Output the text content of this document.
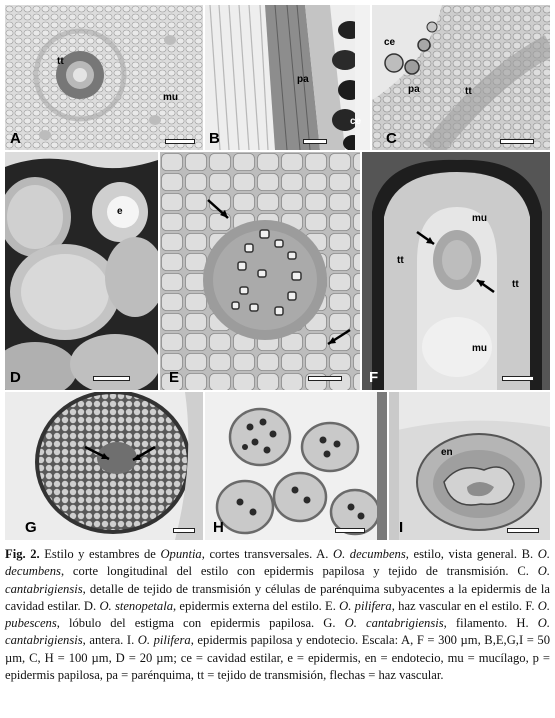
tt
mu
A
pa
ce
B
ce
pa	tt
C
e
D	E
mu
tt
tt
mu
F
G	H
en
I
Fig. 2. Estilo y estambres de Opuntia, cortes transversales. A. O. decumbens, estilo, vista general. B. O. decumbens, corte longitudinal del estilo con epidermis papilosa y tejido de transmisión. C. O. cantabrigiensis, detalle de tejido de transmisión y células de parénquima subyacentes a la epidermis de la cavidad estilar. D. O. stenopetala, epidermis externa del estilo. E. O. pilifera, haz vascular en el estilo. F. O. pubescens, lóbulo del estigma con epidermis papilosa. G. O. cantabrigiensis, filamento. H. O. cantabrigiensis, antera. I. O. pilifera, epidermis papilosa y endotecio. Escala: A, F = 300 µm, B,E,G,I = 50 µm, C, H = 100 µm, D = 20 µm; ce = cavidad estilar, e = epidermis, en = endotecio, mu = mucílago, p = epidermis papilosa, pa = parénquima, tt = tejido de transmisión, flechas = haz vascular.
